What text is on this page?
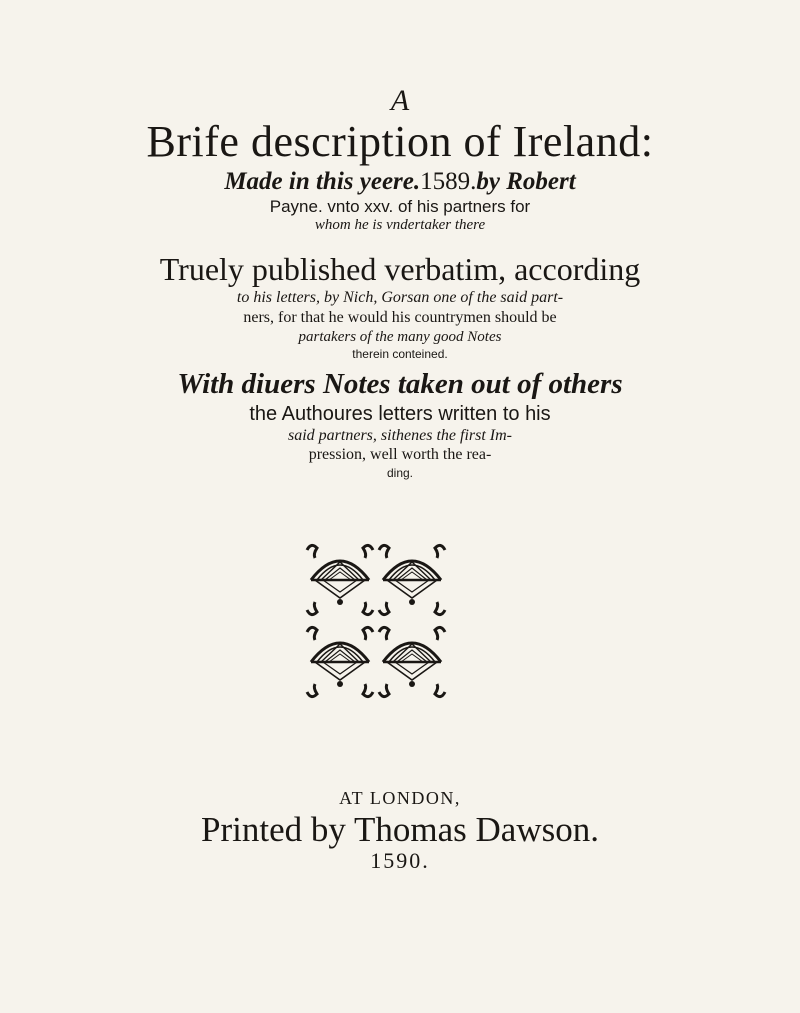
A
Brife description of Ireland:
Made in this yeere.1589.by Robert
Payne. vnto xxv. of his partners for
whom he is vndertaker there
Truely published verbatim, according
to his letters, by Nich, Gorsan one of the said part-
ners, for that he would his countrymen should be
partakers of the many good Notes
therein conteined.
With diuers Notes taken out of others
the Authoures letters written to his
said partners, sithenes the first Im-
pression, well worth the rea-
ding.
AT LONDON,
Printed by Thomas Dawson.
1590.
